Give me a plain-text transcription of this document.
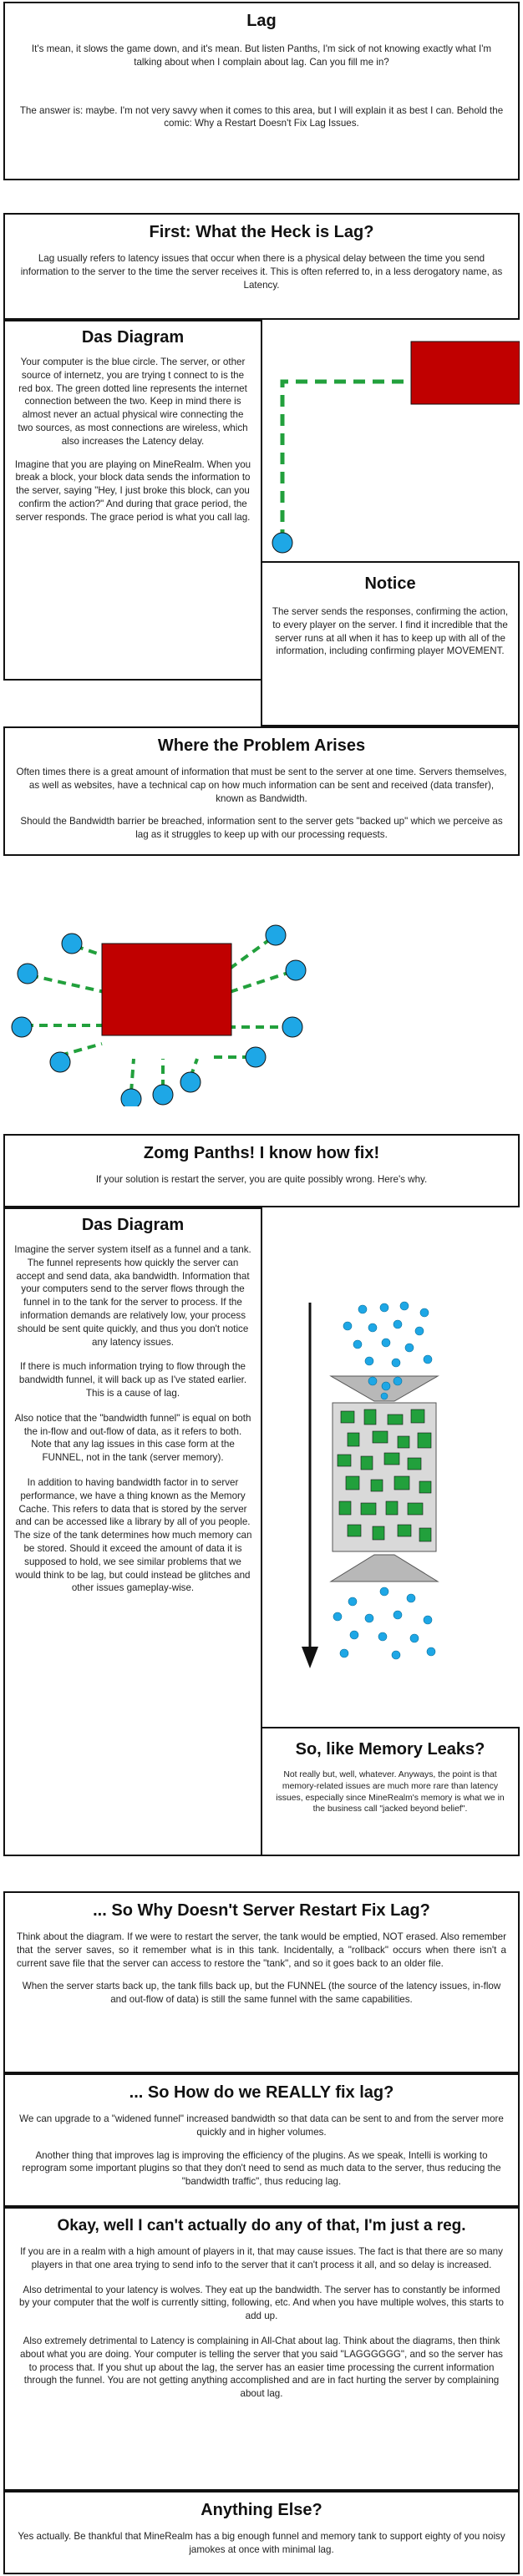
Lag

It's mean, it slows the game down, and it's mean. But listen Panths, I'm sick of not knowing exactly what I'm talking about when I complain about lag. Can you fill me in?

The answer is: maybe. I'm not very savvy when it comes to this area, but I will explain it as best I can. Behold the comic: Why a Restart Doesn't Fix Lag Issues.

First: What the Heck is Lag?

Lag usually refers to latency issues that occur when there is a physical delay between the time you send information to the server to the time the server receives it. This is often referred to, in a less derogatory name, as Latency.

Das Diagram

Your computer is the blue circle. The server, or other source of internetz, you are trying t connect to is the red box. The green dotted line represents the internet connection between the two. Keep in mind there is almost never an actual physical wire connecting the two sources, as most connections are wireless, which also increases the Latency delay.

Imagine that you are playing on MineRealm. When you break a block, your block data sends the information to the server, saying "Hey, I just broke this block, can you confirm the action?" And during that grace period, the server responds. The grace period is what you call lag.

Notice

The server sends the responses, confirming the action, to every player on the server. I find it incredible that the server runs at all when it has to keep up with all of the information, including confirming player MOVEMENT.

Where the Problem Arises

Often times there is a great amount of information that must be sent to the server at one time. Servers themselves, as well as websites, have a technical cap on how much information can be sent and received (data transfer), known as Bandwidth.

Should the Bandwidth barrier be breached, information sent to the server gets "backed up" which we perceive as lag as it struggles to keep up with our processing requests.

Zomg Panths! I know how fix!

If your solution is restart the server, you are quite possibly wrong. Here's why.

Das Diagram

Imagine the server system itself as a funnel and a tank. The funnel represents how quickly the server can accept and send data, aka bandwidth. Information that your computers send to the server flows through the funnel in to the tank for the server to process. If the information demands are relatively low, your process should be sent quite quickly, and thus you don't notice any latency issues.

If there is much information trying to flow through the bandwidth funnel, it will back up as I've stated earlier. This is a cause of lag.

Also notice that the "bandwidth funnel" is equal on both the in-flow and out-flow of data, as it refers to both. Note that any lag issues in this case form at the FUNNEL, not in the tank (server memory).

In addition to having bandwidth factor in to server performance, we have a thing known as the Memory Cache. This refers to data that is stored by the server and can be accessed like a library by all of you people. The size of the tank determines how much memory can be stored. Should it exceed the amount of data it is supposed to hold, we see similar problems that we would think to be lag, but could instead be glitches and other issues gameplay-wise.

So, like Memory Leaks?

Not really but, well, whatever. Anyways, the point is that memory-related issues are much more rare than latency issues, especially since MineRealm's memory is what we in the business call "jacked beyond belief".

... So Why Doesn't Server Restart Fix Lag?

Think about the diagram. If we were to restart the server, the tank would be emptied, NOT erased. Also remember that the server saves, so it remember what is in this tank. Incidentally, a "rollback" occurs when there isn't a current save file that the server can access to restore the "tank", and so it goes back to an older file.

When the server starts back up, the tank fills back up, but the FUNNEL (the source of the latency issues, in-flow and out-flow of data) is still the same funnel with the same capabilities.

... So How do we REALLY fix lag?

We can upgrade to a "widened funnel" increased bandwidth so that data can be sent to and from the server more quickly and in higher volumes.

Another thing that improves lag is improving the efficiency of the plugins. As we speak, Intelli is working to reprogram some important plugins so that they don't need to send as much data to the server, thus reducing the "bandwidth traffic", thus reducing lag.

Okay, well I can't actually do any of that, I'm just a reg.

If you are in a realm with a high amount of players in it, that may cause issues. The fact is that there are so many players in that one area trying to send info to the server that it can't process it all, and so delay is increased.

Also detrimental to your latency is wolves. They eat up the bandwidth. The server has to constantly be informed by your computer that the wolf is currently sitting, following, etc. And when you have multiple wolves, this starts to add up.

Also extremely detrimental to Latency is complaining in All-Chat about lag. Think about the diagrams, then think about what you are doing. Your computer is telling the server that you said "LAGGGGGG", and so the server has to process that. If you shut up about the lag, the server has an easier time processing the current information through the funnel. You are not getting anything accomplished and are in fact hurting the server by complaining about lag.

Anything Else?

Yes actually. Be thankful that MineRealm has a big enough funnel and memory tank to support eighty of you noisy jamokes at once with minimal lag.
